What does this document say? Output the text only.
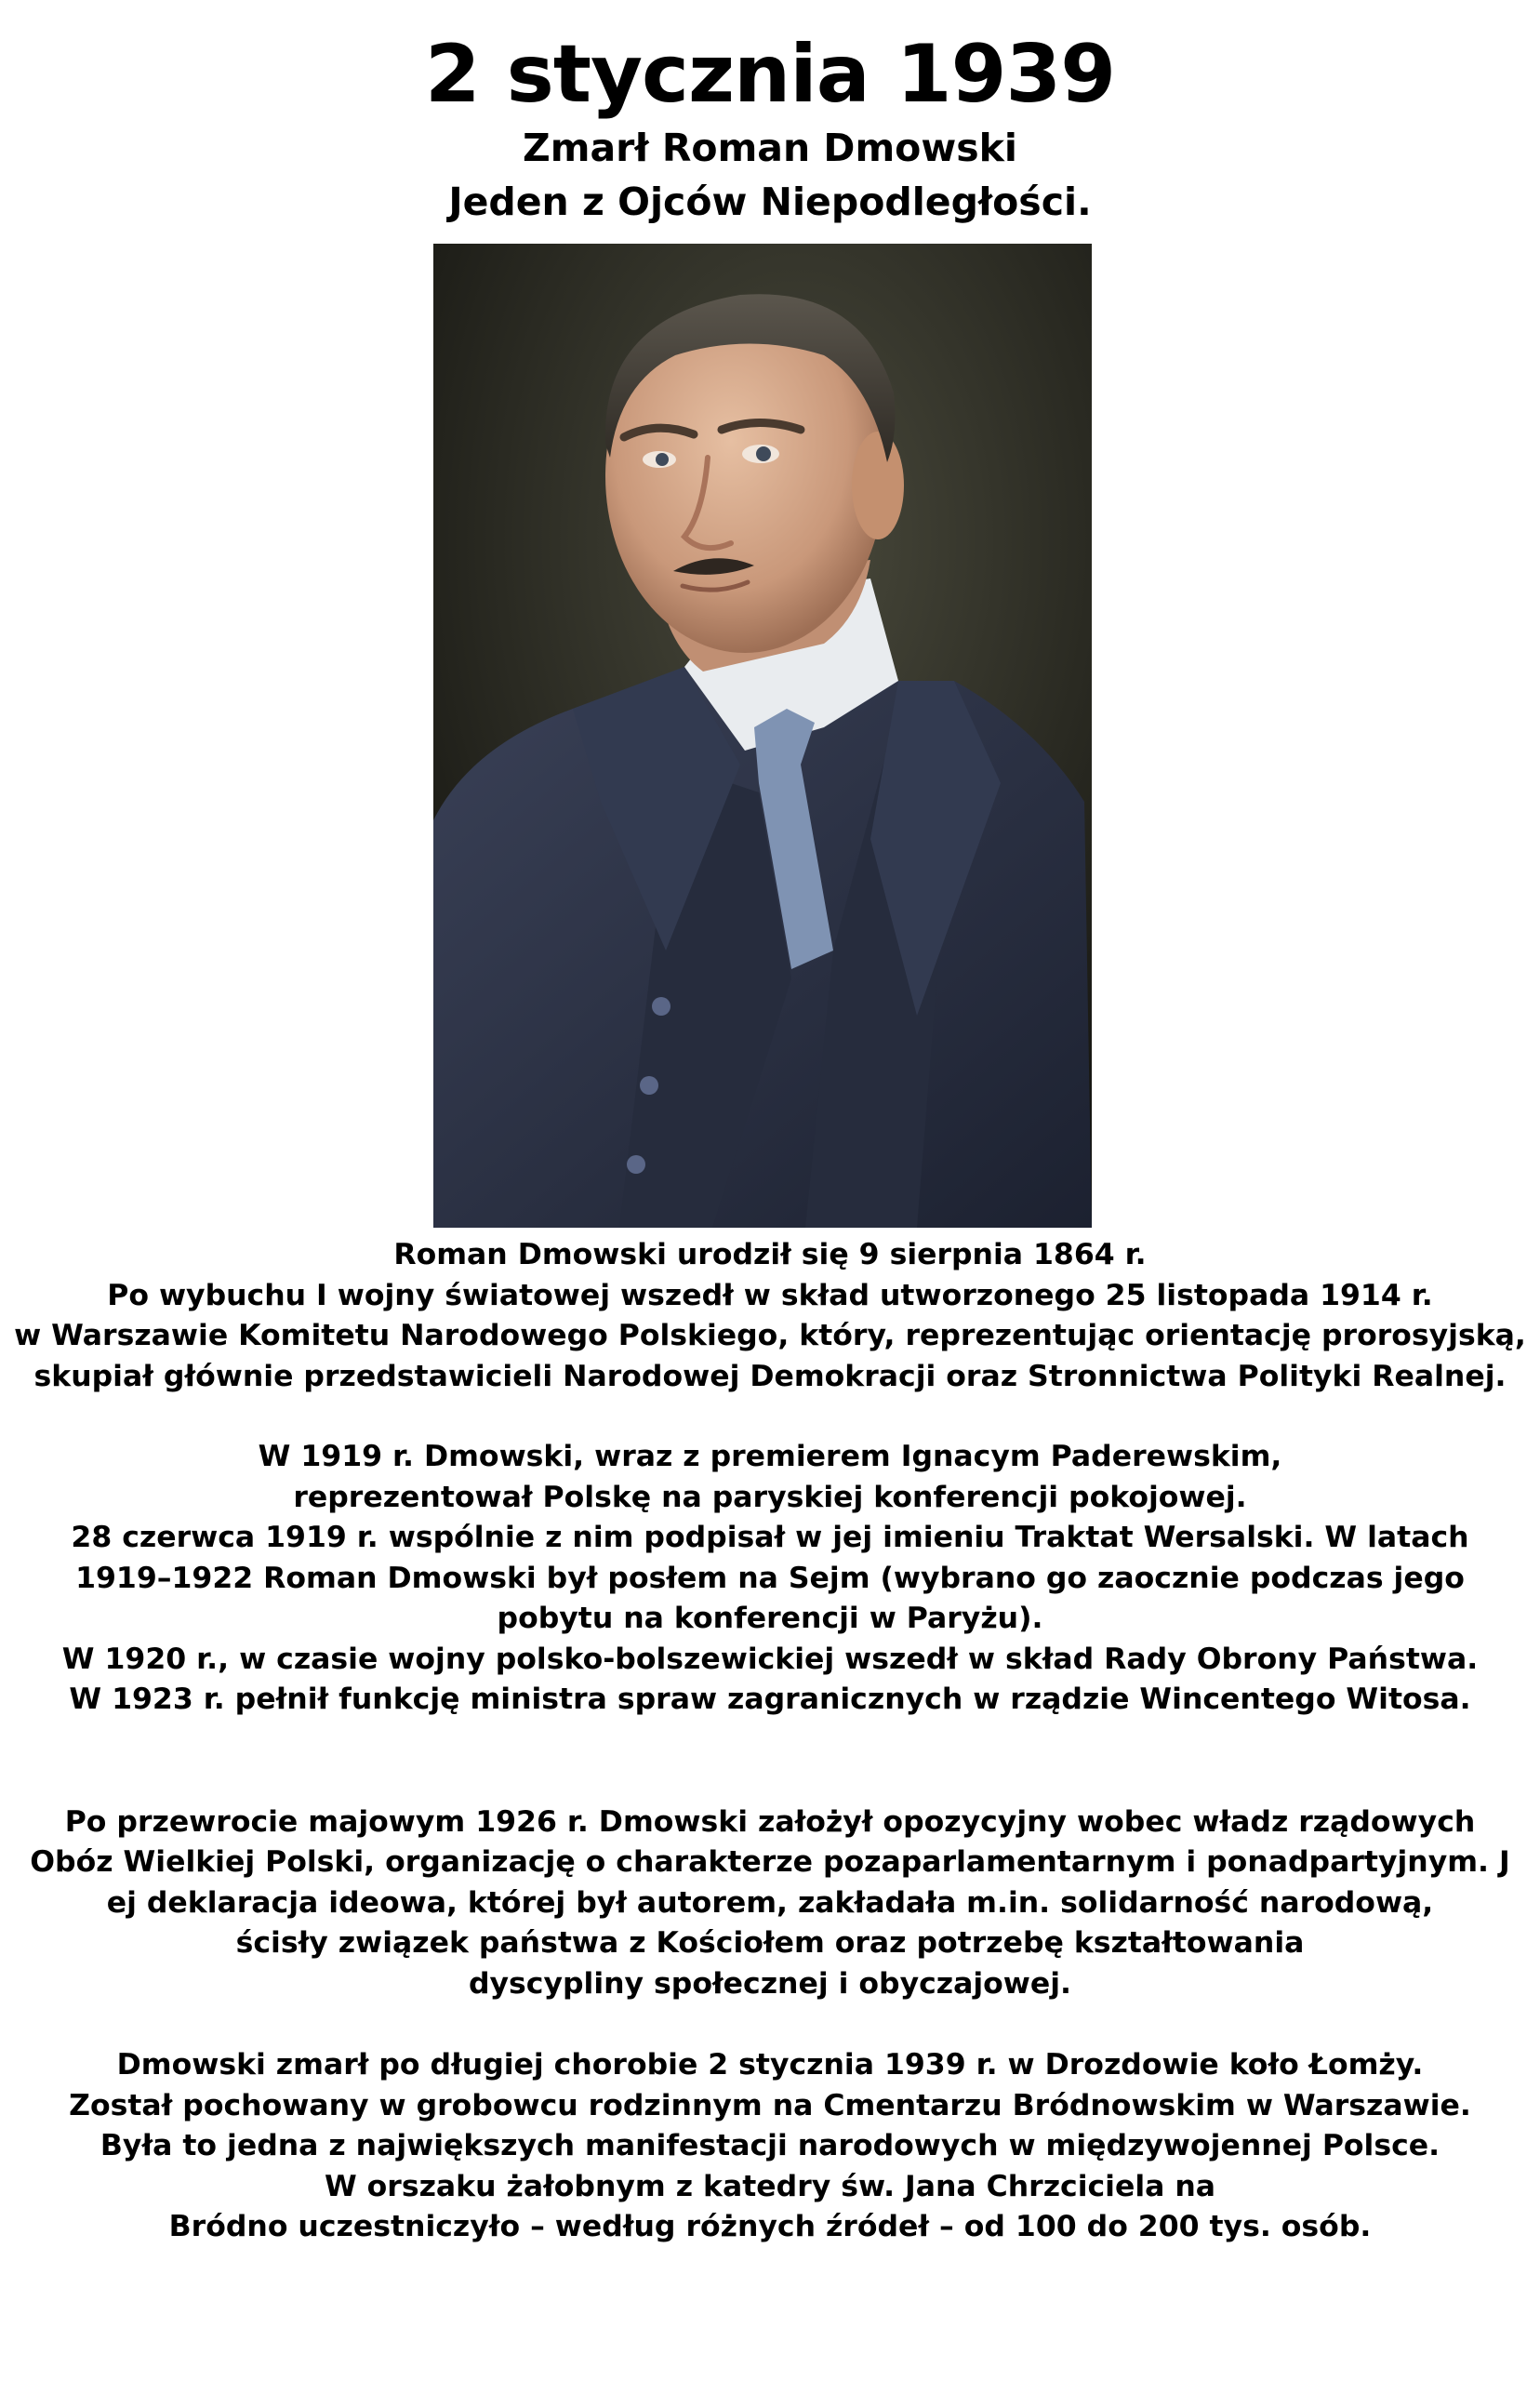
2 stycznia 1939

Zmarł Roman Dmowski

Jeden z Ojców Niepodległości.

Roman Dmowski urodził się 9 sierpnia 1864 r.
Po wybuchu I wojny światowej wszedł w skład utworzonego 25 listopada 1914 r.
w Warszawie Komitetu Narodowego Polskiego, który, reprezentując orientację prorosyjską,
skupiał głównie przedstawicieli Narodowej Demokracji oraz Stronnictwa Polityki Realnej.
W 1919 r. Dmowski, wraz z premierem Ignacym Paderewskim,
reprezentował Polskę na paryskiej konferencji pokojowej.
28 czerwca 1919 r. wspólnie z nim podpisał w jej imieniu Traktat Wersalski. W latach
1919–1922 Roman Dmowski był posłem na Sejm (wybrano go zaocznie podczas jego
pobytu na konferencji w Paryżu).
W 1920 r., w czasie wojny polsko-bolszewickiej wszedł w skład Rady Obrony Państwa.
W 1923 r. pełnił funkcję ministra spraw zagranicznych w rządzie Wincentego Witosa.
Po przewrocie majowym 1926 r. Dmowski założył opozycyjny wobec władz rządowych
Obóz Wielkiej Polski, organizację o charakterze pozaparlamentarnym i ponadpartyjnym. J
ej deklaracja ideowa, której był autorem, zakładała m.in. solidarność narodową,
ścisły związek państwa z Kościołem oraz potrzebę kształtowania
dyscypliny społecznej i obyczajowej.
Dmowski zmarł po długiej chorobie 2 stycznia 1939 r. w Drozdowie koło Łomży.
Został pochowany w grobowcu rodzinnym na Cmentarzu Bródnowskim w Warszawie.
Była to jedna z największych manifestacji narodowych w międzywojennej Polsce.
W orszaku żałobnym z katedry św. Jana Chrzciciela na
Bródno uczestniczyło – według różnych źródeł – od 100 do 200 tys. osób.
